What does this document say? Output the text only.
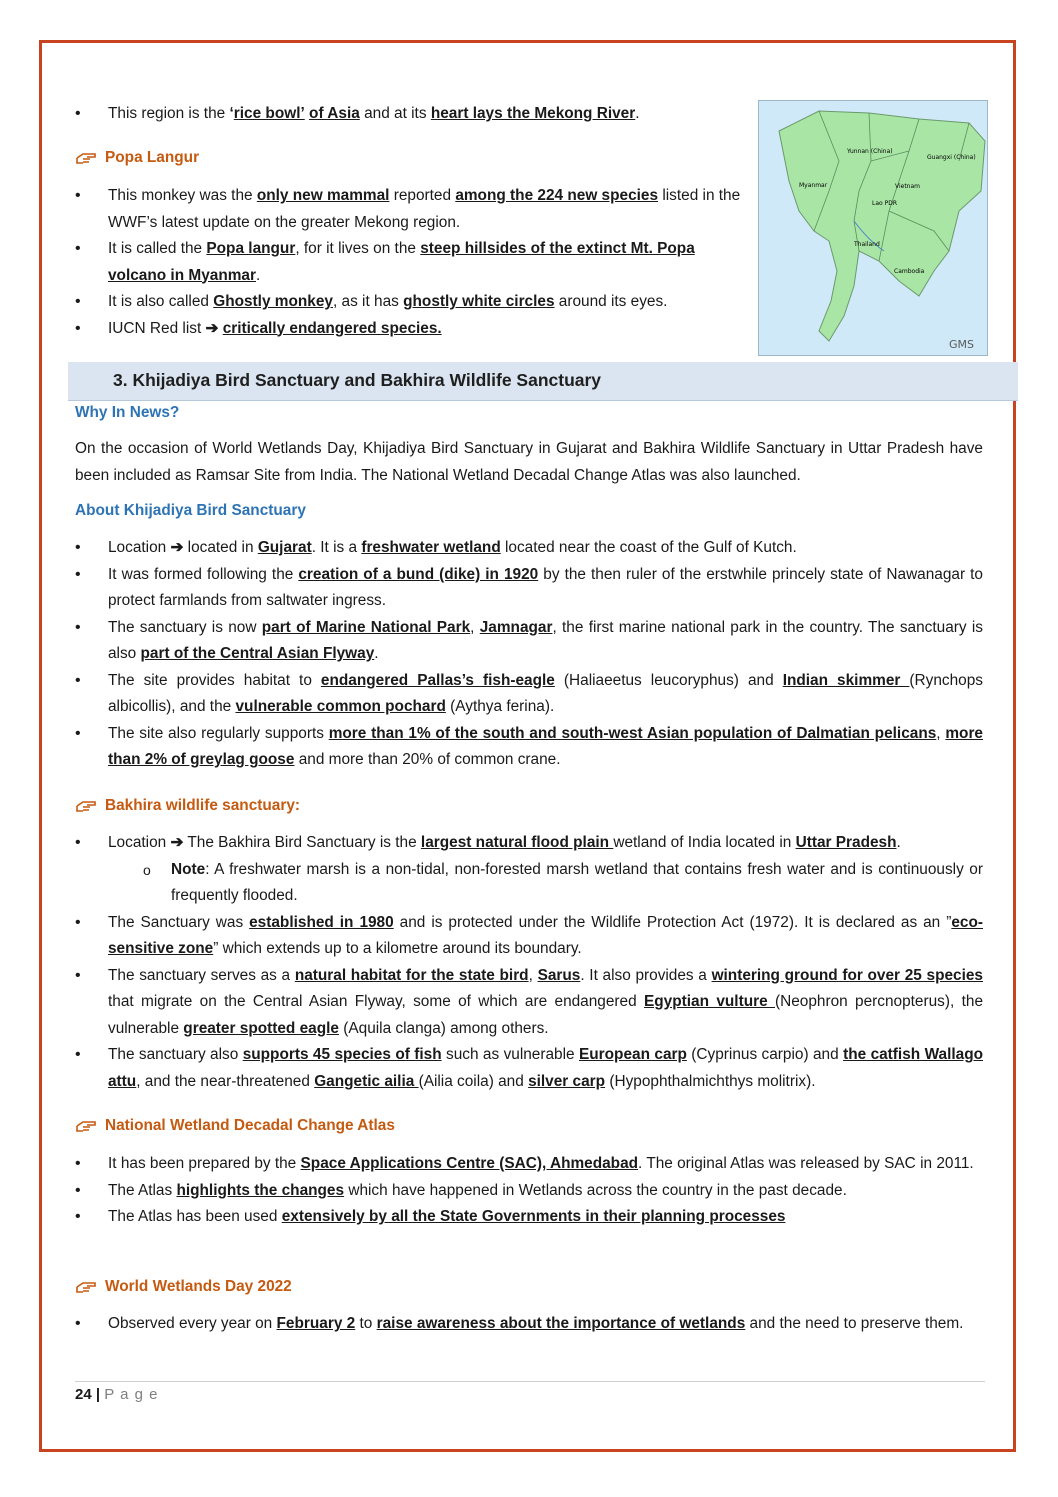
• This region is the ‘rice bowl’ of Asia and at its heart lays the Mekong River.

Popa Langur

• This monkey was the only new mammal reported among the 224 new species listed in the WWF’s latest update on the greater Mekong region.

• It is called the Popa langur, for it lives on the steep hillsides of the extinct Mt. Popa volcano in Myanmar.

• It is also called Ghostly monkey, as it has ghostly white circles around its eyes.

• IUCN Red list ➔ critically endangered species.

Yunnan (China)
Guangxi (China)
Myanmar	Vietnam
Lao PDR
Thailand
Cambodia
GMS
3. Khijadiya Bird Sanctuary and Bakhira Wildlife Sanctuary
Why In News?
On the occasion of World Wetlands Day, Khijadiya Bird Sanctuary in Gujarat and Bakhira Wildlife Sanctuary in Uttar Pradesh have been included as Ramsar Site from India. The National Wetland Decadal Change Atlas was also launched.
About Khijadiya Bird Sanctuary

• Location ➔ located in Gujarat. It is a freshwater wetland located near the coast of the Gulf of Kutch.

• It was formed following the creation of a bund (dike) in 1920 by the then ruler of the erstwhile princely state of Nawanagar to protect farmlands from saltwater ingress.

• The sanctuary is now part of Marine National Park, Jamnagar, the first marine national park in the country. The sanctuary is also part of the Central Asian Flyway.

• The site provides habitat to endangered Pallas’s fish-eagle (Haliaeetus leucoryphus) and Indian skimmer (Rynchops albicollis), and the vulnerable common pochard (Aythya ferina).

• The site also regularly supports more than 1% of the south and south-west Asian population of Dalmatian pelicans, more than 2% of greylag goose and more than 20% of common crane.

Bakhira wildlife sanctuary:

• Location ➔ The Bakhira Bird Sanctuary is the largest natural flood plain wetland of India located in Uttar Pradesh.

o Note: A freshwater marsh is a non-tidal, non-forested marsh wetland that contains fresh water and is continuously or frequently flooded.

• The Sanctuary was established in 1980 and is protected under the Wildlife Protection Act (1972). It is declared as an ”eco-sensitive zone” which extends up to a kilometre around its boundary.

• The sanctuary serves as a natural habitat for the state bird, Sarus. It also provides a wintering ground for over 25 species that migrate on the Central Asian Flyway, some of which are endangered Egyptian vulture (Neophron percnopterus), the vulnerable greater spotted eagle (Aquila clanga) among others.

• The sanctuary also supports 45 species of fish such as vulnerable European carp (Cyprinus carpio) and the catfish Wallago attu, and the near-threatened Gangetic ailia (Ailia coila) and silver carp (Hypophthalmichthys molitrix).

National Wetland Decadal Change Atlas

• It has been prepared by the Space Applications Centre (SAC), Ahmedabad. The original Atlas was released by SAC in 2011.

• The Atlas highlights the changes which have happened in Wetlands across the country in the past decade.

• The Atlas has been used extensively by all the State Governments in their planning processes

World Wetlands Day 2022

• Observed every year on February 2 to raise awareness about the importance of wetlands and the need to preserve them.

24 | P a g e
